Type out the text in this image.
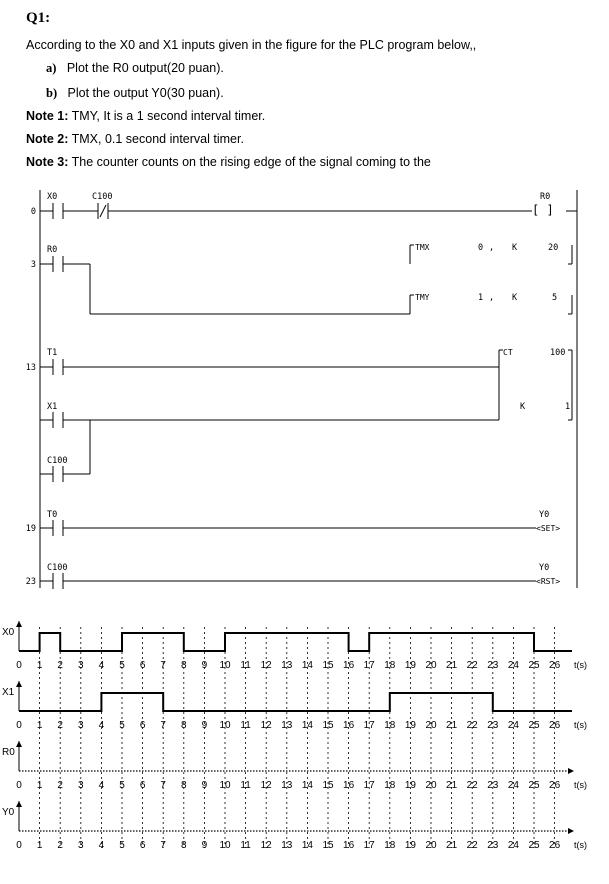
Q1:
According to the X0 and X1 inputs given in the figure for the PLC program below,,
a) Plot the R0 output(20 puan).
b) Plot the output Y0(30 puan).
Note 1: TMY, It is a 1 second interval timer.
Note 2: TMX, 0.1 second interval timer.
Note 3: The counter counts on the rising edge of the signal coming to the
0
3
13
19
23
X0	C100
R0
T1
X1
C100
T0
C100
R0
[ ]
TMX	0 , K	20
TMY	1 , K	5
CT	100
K	1
Y0
<SET>
Y0
<RST>
X0
0 1 2 3 4 5 6 7 8 9 10 11 12 13 14 15 16 17 18 19 20 21 22 23 24 25 26 t(s)
X1
0 1 2 3 4 5 6 7 8 9 10 11 12 13 14 15 16 17 18 19 20 21 22 23 24 25 26 t(s)
R0
0 1 2 3 4 5 6 7 8 9 10 11 12 13 14 15 16 17 18 19 20 21 22 23 24 25 26 t(s)
Y0
0 1 2 3 4 5 6 7 8 9 10 11 12 13 14 15 16 17 18 19 20 21 22 23 24 25 26 t(s)
